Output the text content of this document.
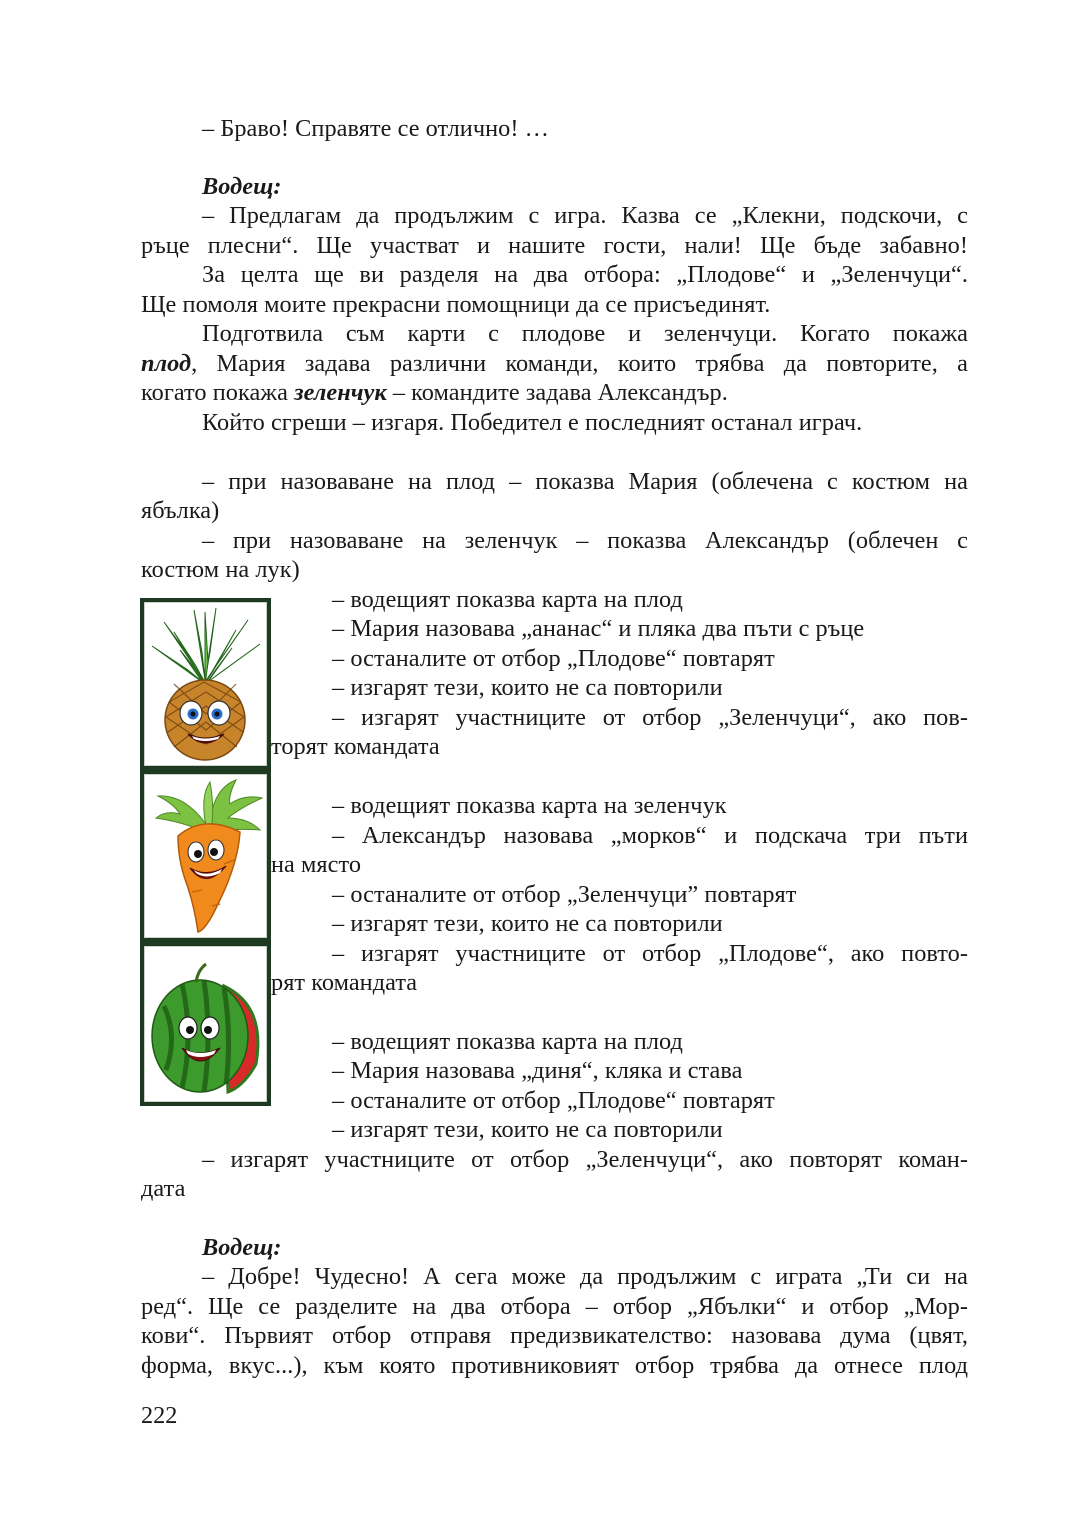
– Браво! Справяте се отлично! …
Водещ:
– Предлагам да продължим с игра. Казва се „Клекни, подскочи, с
ръце плесни“. Ще участват и нашите гости, нали! Ще бъде забавно!
За целта ще ви разделя на два отбора: „Плодове“ и „Зеленчуци“.
Ще помоля моите прекрасни помощници да се присъединят.
Подготвила съм карти с плодове и зеленчуци. Когато покажа
плод, Мария задава различни команди, които трябва да повторите, а
когато покажа зеленчук – командите задава Александър.
Който сгреши – изгаря. Победител е последният останал играч.
– при назоваване на плод – показва Мария (облечена с костюм на
ябълка)
– при назоваване на зеленчук – показва Александър (облечен с
костюм на лук)
– водещият показва карта на плод
– Мария назовава „ананас“ и пляка два пъти с ръце
– останалите от отбор „Плодове“ повтарят
– изгарят тези, които не са повторили
– изгарят участниците от отбор „Зеленчуци“, ако пов-
торят командата
– водещият показва карта на зеленчук
– Александър назовава „морков“ и подскача три пъти
на място
– останалите от отбор „Зеленчуци” повтарят
– изгарят тези, които не са повторили
– изгарят участниците от отбор „Плодове“, ако повто-
рят командата
– водещият показва карта на плод
– Мария назовава „диня“, кляка и става
– останалите от отбор „Плодове“ повтарят
– изгарят тези, които не са повторили
– изгарят участниците от отбор „Зеленчуци“, ако повторят коман-
дата
Водещ:
– Добре! Чудесно! А сега може да продължим с играта „Ти си на
ред“. Ще се разделите на два отбора – отбор „Ябълки“ и отбор „Мор-
кови“. Първият отбор отправя предизвикателство: назовава дума (цвят,
форма, вкус...), към която противниковият отбор трябва да отнесе плод
222
